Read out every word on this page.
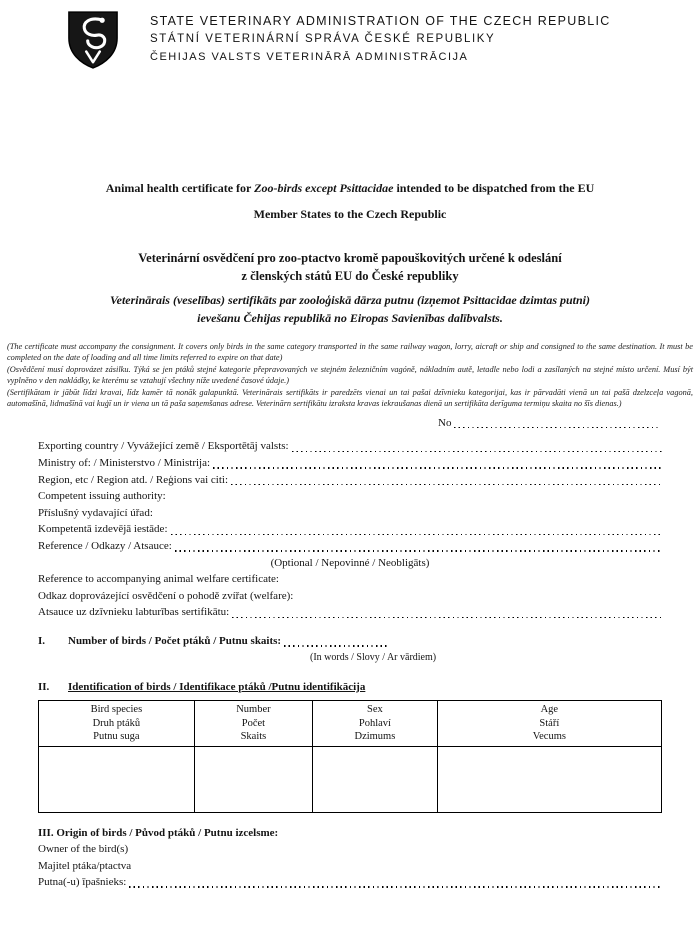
STATE VETERINARY ADMINISTRATION OF THE CZECH REPUBLIC
STÁTNÍ VETERINÁRNÍ SPRÁVA ČESKÉ REPUBLIKY
ČEHIJAS VALSTS VETERINĀRĀ ADMINISTRĀCIJA

Animal health certificate for Zoo-birds except Psittacidae intended to be dispatched from the EU

Member States to the Czech Republic

Veterinární osvědčení pro zoo-ptactvo kromě papouškovitých určené k odeslání

z členských států EU do České republiky

Veterinārais (veselības) sertifikāts par zooloģiskā dārza putnu (izņemot Psittacidae dzimtas putni)

ievešanu Čehijas republikā no Eiropas Savienības dalībvalsts.

(The certificate must accompany the consignment. It covers only birds in the same category transported in the same railway wagon, lorry, aicraft or ship and consigned to the same destination. It must be completed on the date of loading and all time limits referred to expire on that date)
(Osvědčení musí doprovázet zásilku. Týká se jen ptáků stejné kategorie přepravovaných ve stejném železničním vagóně, nákladním autě, letadle nebo lodi a zasílaných na stejné místo určení. Musí být vyplněno v den nakládky, ke kterému se vztahují všechny níže uvedené časové údaje.)
(Sertifikātam ir jābūt līdzi kravai, līdz kamēr tā nonāk galapunktā. Veterinārais sertifikāts ir paredzēts vienai un tai pašai dzīvnieku kategorijai, kas ir pārvadāti vienā un tai pašā dzelzceļa vagonā, automašīnā, lidmašīnā vai kuģī un ir viena un tā paša saņemšanas adrese. Veterinārn sertifikātu izraksta kravas iekraušanas dienā un sertifikāta derīguma termiņu skaita no šīs dienas.)
No
Exporting country / Vyvážející země / Eksportētāj valsts:
Ministry of: / Ministerstvo / Ministrija:
Region, etc / Region atd. / Reģions vai citi:
Competent issuing authority:
Příslušný vydavající úřad:
Kompetentā izdevējā iestāde:
Reference / Odkazy / Atsauce:
(Optional / Nepovinné / Neobligāts)
Reference to accompanying animal welfare certificate:
Odkaz doprovázející osvědčení o pohodě zvířat (welfare):
Atsauce uz dzīvnieku labturības sertifikātu:
I.	Number of birds / Počet ptáků / Putnu skaits:
(In words / Slovy / Ar vārdiem)
II.	Identification of birds / Identifikace ptáků /Putnu identifikācija
Bird species
Druh ptáků
Putnu suga

Number
Počet
Skaits

Sex
Pohlaví
Dzimums

Age
Stáří
Vecums

III. Origin of birds / Původ ptáků / Putnu izcelsme:
Owner of the bird(s)
Majitel ptáka/ptactva
Putna(-u) īpašnieks:
